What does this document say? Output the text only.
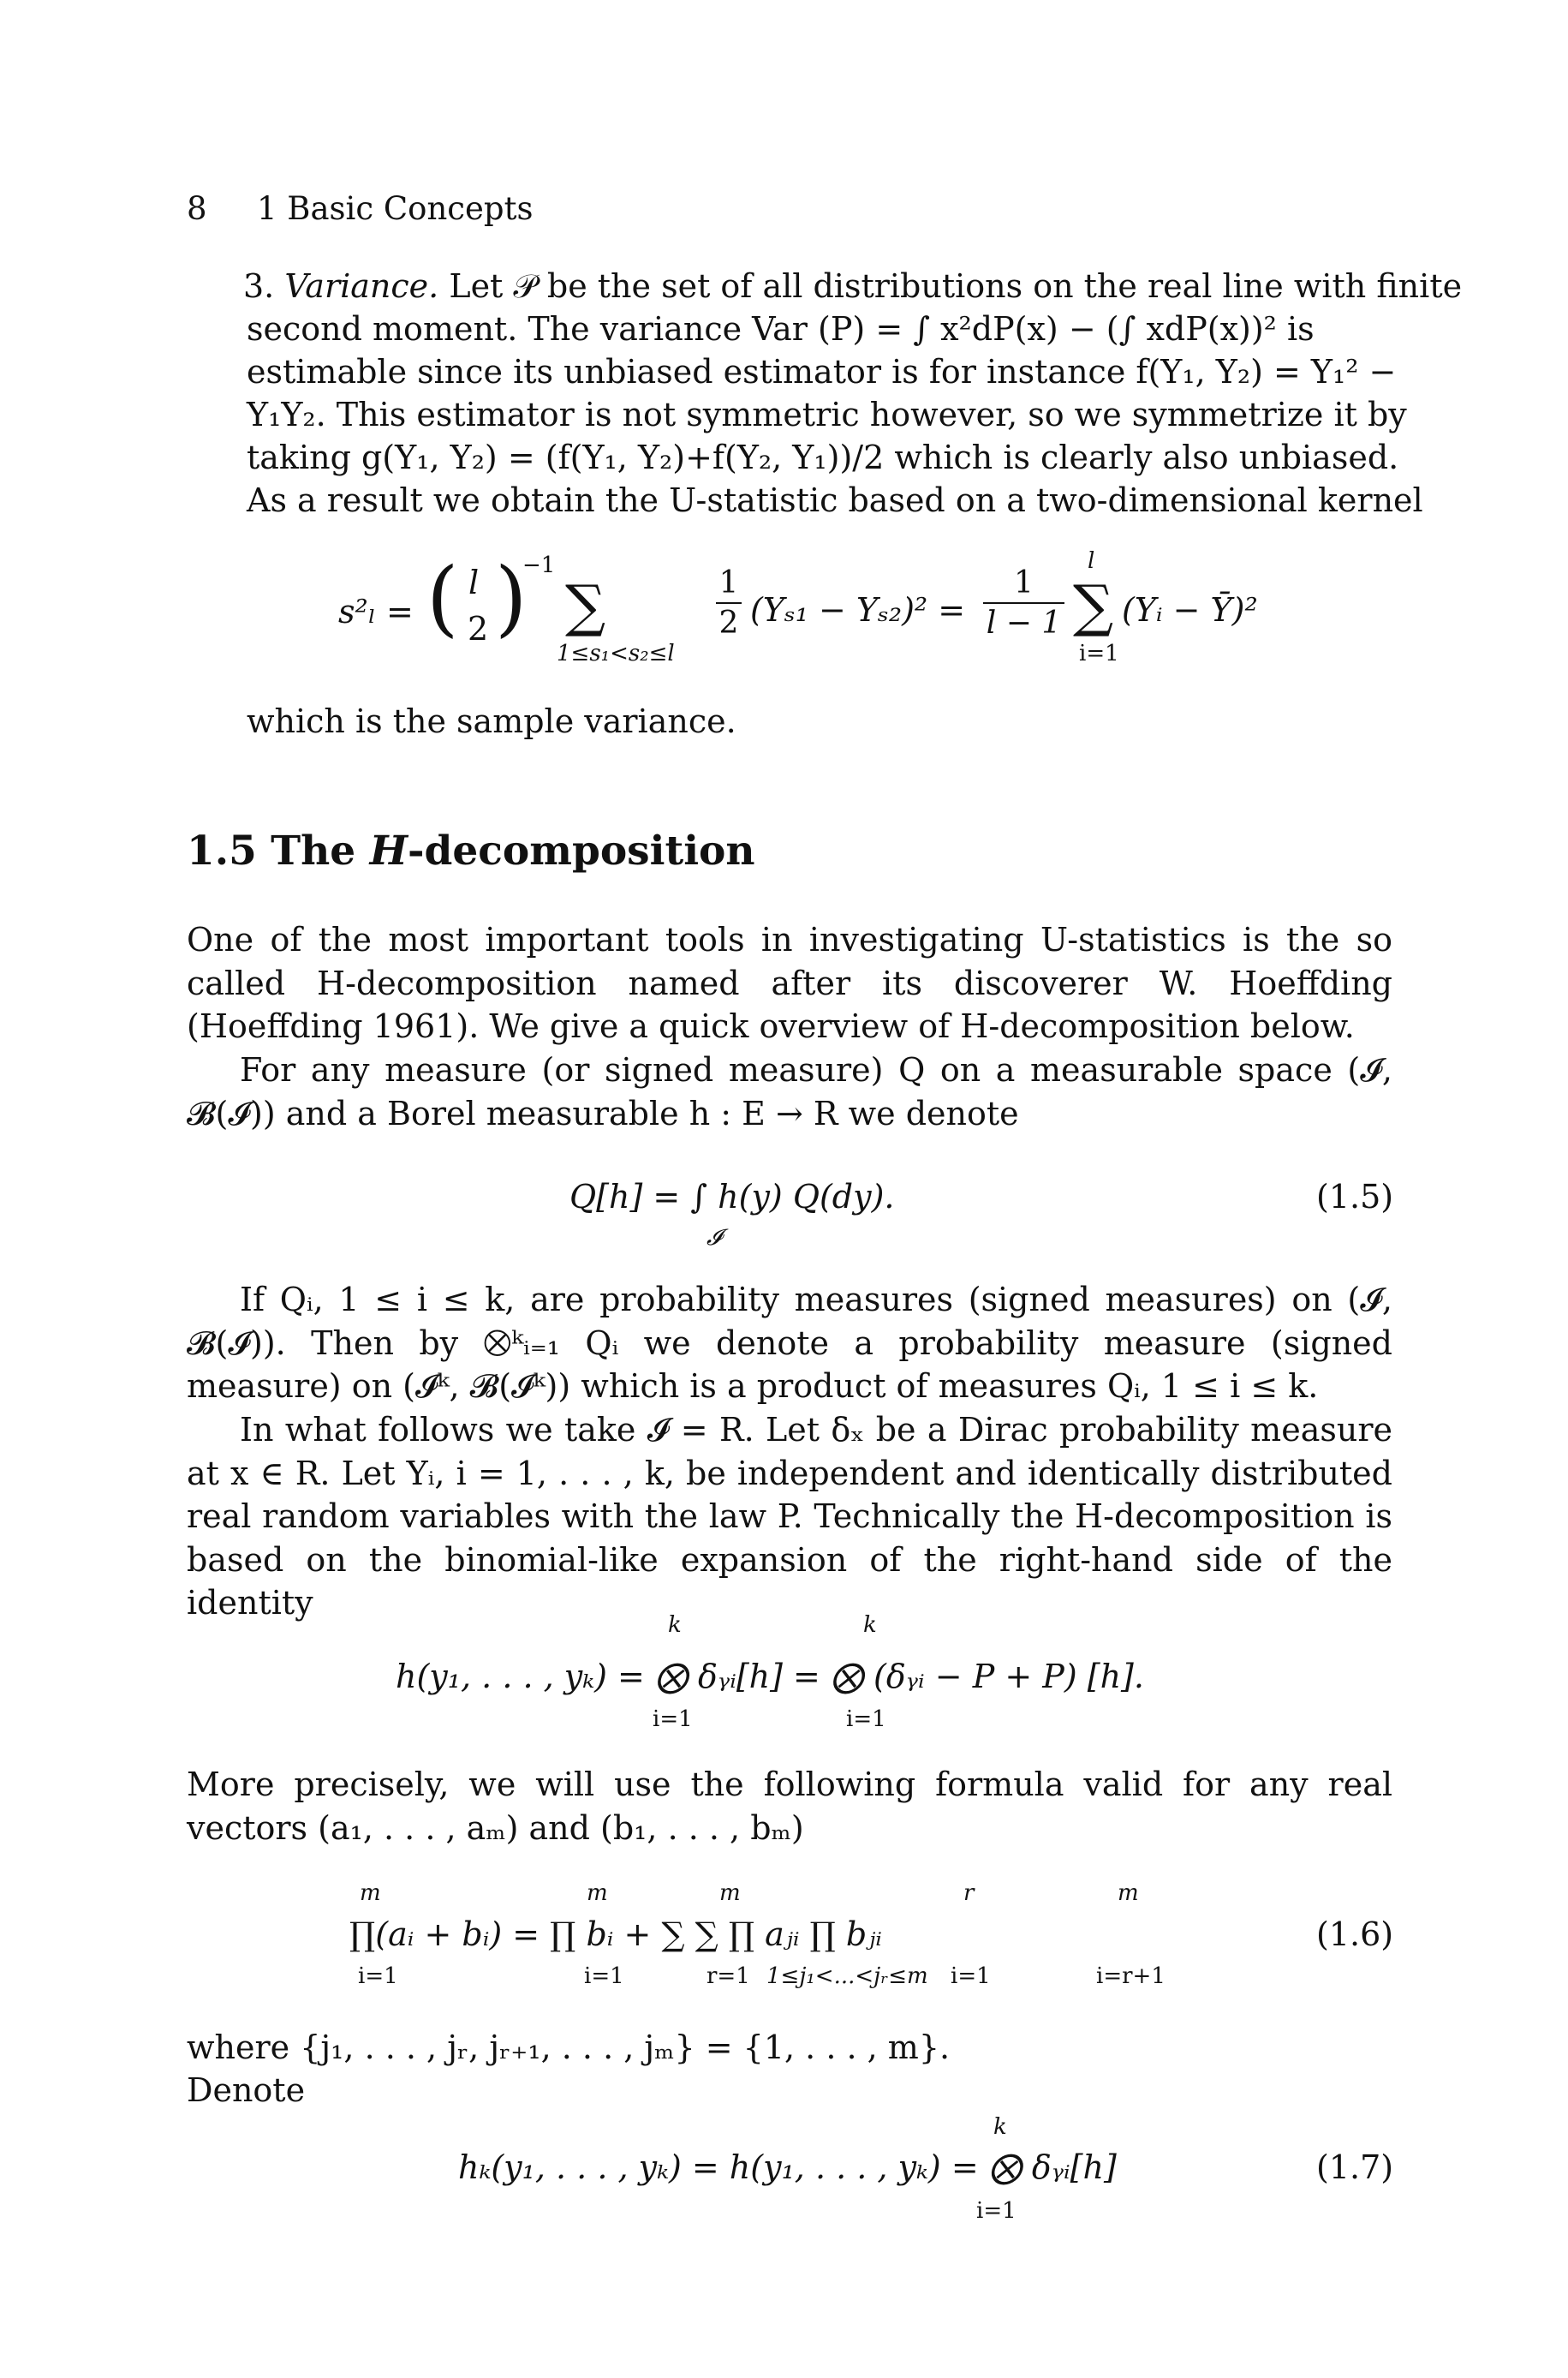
8 1 Basic Concepts
3. Variance. Let 𝒫 be the set of all distributions on the real line with finite
second moment. The variance Var (P) = ∫ x²dP(x) − (∫ xdP(x))² is
estimable since its unbiased estimator is for instance f(Y₁, Y₂) = Y₁² −
Y₁Y₂. This estimator is not symmetric however, so we symmetrize it by
taking g(Y₁, Y₂) = (f(Y₁, Y₂)+f(Y₂, Y₁))/2 which is clearly also unbiased.
As a result we obtain the U-statistic based on a two-dimensional kernel
s²ₗ = ( l
2 )
−1
∑
1≤s₁<s₂≤l
1
2 (Yₛ₁ − Yₛ₂)² =
1
l − 1
l
∑
i=1
(Yᵢ − Ȳ)²
which is the sample variance.
1.5 The H-decomposition
One of the most important tools in investigating U-statistics is the so called H-decomposition named after its discoverer W. Hoeffding (Hoeffding 1961). We give a quick overview of H-decomposition below.
For any measure (or signed measure) Q on a measurable space (𝓘, 𝓑(𝓘)) and a Borel measurable h : E → R we denote
Q[h] = ∫ h(y) Q(dy).
𝓘
(1.5)
If Qᵢ, 1 ≤ i ≤ k, are probability measures (signed measures) on (𝓘, 𝓑(𝓘)). Then by ⨂ᵏᵢ₌₁ Qᵢ we denote a probability measure (signed measure) on (𝓘ᵏ, 𝓑(𝓘ᵏ)) which is a product of measures Qᵢ, 1 ≤ i ≤ k.
In what follows we take 𝓘 = R. Let δₓ be a Dirac probability measure at x ∈ R. Let Yᵢ, i = 1, . . . , k, be independent and identically distributed real random variables with the law P. Technically the H-decomposition is based on the binomial-like expansion of the right-hand side of the identity
k	k
h(y₁, . . . , yₖ) = ⨂ δᵧᵢ[h] = ⨂ (δᵧᵢ − P + P) [h].
i=1	i=1
More precisely, we will use the following formula valid for any real vectors (a₁, . . . , aₘ) and (b₁, . . . , bₘ)
m	m	m	r	m
∏(aᵢ + bᵢ) = ∏ bᵢ + ∑ ∑ ∏ aⱼᵢ ∏ bⱼᵢ
i=1	i=1	r=1 1≤j₁<...<jᵣ≤m i=1	i=r+1
(1.6)
where {j₁, . . . , jᵣ, jᵣ₊₁, . . . , jₘ} = {1, . . . , m}.
Denote
k
hₖ(y₁, . . . , yₖ) = h(y₁, . . . , yₖ) = ⨂ δᵧᵢ[h]
i=1
(1.7)
